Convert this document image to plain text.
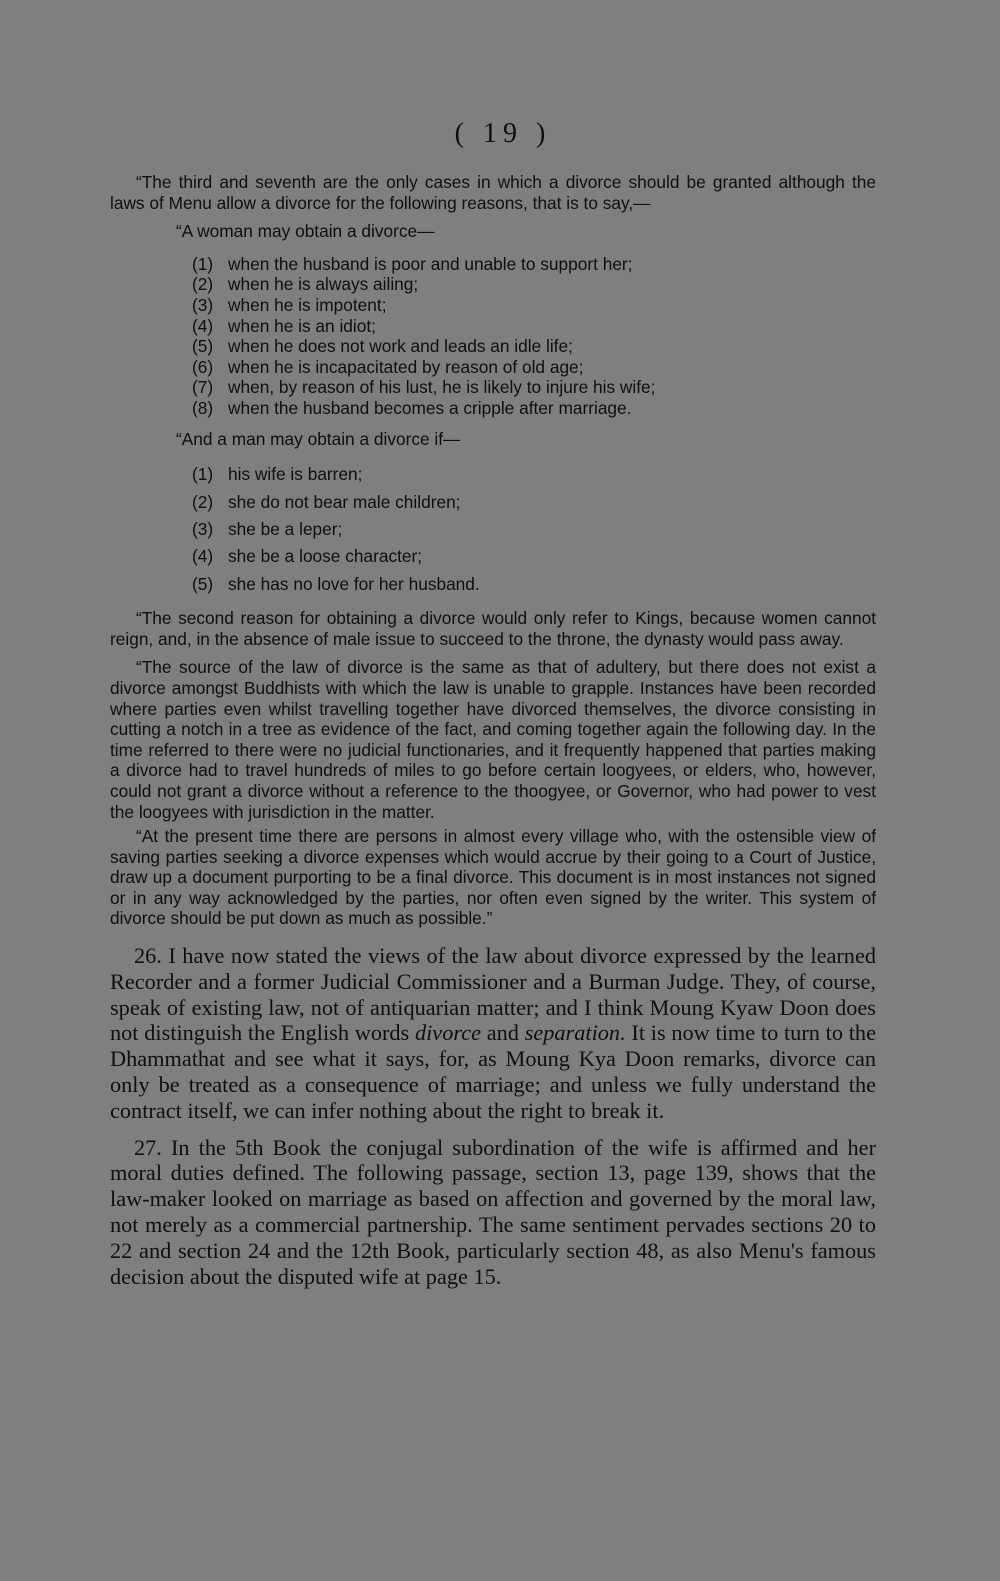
( 19 )

“The third and seventh are the only cases in which a divorce should be granted although the laws of Menu allow a divorce for the following reasons, that is to say,—

“A woman may obtain a divorce—

(1) when the husband is poor and unable to support her;
(2) when he is always ailing;
(3) when he is impotent;
(4) when he is an idiot;
(5) when he does not work and leads an idle life;
(6) when he is incapacitated by reason of old age;
(7) when, by reason of his lust, he is likely to injure his wife;
(8) when the husband becomes a cripple after marriage.

“And a man may obtain a divorce if—

(1) his wife is barren;
(2) she do not bear male children;
(3) she be a leper;
(4) she be a loose character;
(5) she has no love for her husband.

“The second reason for obtaining a divorce would only refer to Kings, because women cannot reign, and, in the absence of male issue to succeed to the throne, the dynasty would pass away.

“The source of the law of divorce is the same as that of adultery, but there does not exist a divorce amongst Buddhists with which the law is unable to grapple. Instances have been recorded where parties even whilst travelling together have divorced themselves, the divorce consisting in cutting a notch in a tree as evidence of the fact, and coming together again the following day. In the time referred to there were no judicial functionaries, and it frequently happened that parties making a divorce had to travel hundreds of miles to go before certain loogyees, or elders, who, however, could not grant a divorce without a reference to the thoogyee, or Governor, who had power to vest the loogyees with jurisdiction in the matter.

“At the present time there are persons in almost every village who, with the ostensible view of saving parties seeking a divorce expenses which would accrue by their going to a Court of Justice, draw up a document purporting to be a final divorce. This document is in most instances not signed or in any way acknowledged by the parties, nor often even signed by the writer. This system of divorce should be put down as much as possible.”

26. I have now stated the views of the law about divorce expressed by the learned Recorder and a former Judicial Commissioner and a Burman Judge. They, of course, speak of existing law, not of antiquarian matter; and I think Moung Kyaw Doon does not distinguish the English words divorce and separation. It is now time to turn to the Dhammathat and see what it says, for, as Moung Kya Doon remarks, divorce can only be treated as a consequence of marriage; and unless we fully understand the contract itself, we can infer nothing about the right to break it.

27. In the 5th Book the conjugal subordination of the wife is affirmed and her moral duties defined. The following passage, section 13, page 139, shows that the law-maker looked on marriage as based on affection and governed by the moral law, not merely as a commercial partnership. The same sentiment pervades sections 20 to 22 and section 24 and the 12th Book, particularly section 48, as also Menu's famous decision about the disputed wife at page 15.
